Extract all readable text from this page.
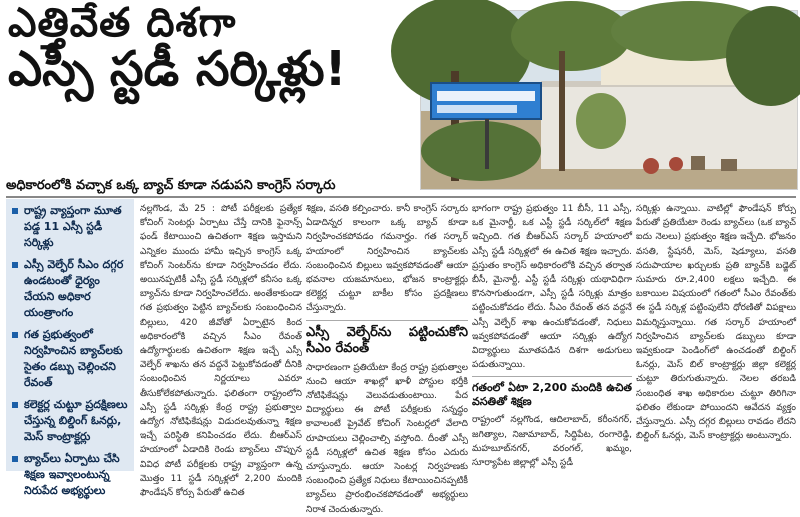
ఎత్తివేత దిశగా
ఎస్సీ స్టడీ సర్కిళ్లు!
అధికారంలోకి వచ్చాక ఒక్క బ్యాచ్ కూడా నడుపని కాంగ్రెస్ సర్కారు
రాష్ట్ర వ్యాప్తంగా మూత పడ్డ 11 ఎస్సీ స్టడీ సర్కిళ్లు
ఎస్సీ వెల్ఫేర్ సీఎం దగ్గర ఉండటంతో ధైర్యం చేయని అధికార యంత్రాంగం
గత ప్రభుత్వంలో నిర్వహించిన బ్యాచ్‌లకు సైతం డబ్బు చెల్లించని రేవంత్
కలెక్టర్ల చుట్టూ ప్రదక్షిణలు చేస్తున్న బిల్డింగ్ ఓనర్లు, మెస్ కాంట్రాక్టర్లు
బ్యాచ్‌లు ఏర్పాటు చేసి శిక్షణ ఇవ్వాలంటున్న నిరుపేద అభ్యర్థులు

నల్లగొండ, మే 25 : పోటీ పరీక్షలకు ప్రత్యేక కోచింగ్ సెంటర్లు ఏర్పాటు చేస్తే దానికి ఫైనాన్స్ ఫండ్ కేటాయించి ఉచితంగా శిక్షణ ఇస్తామని ఎన్నికల ముందు హామీ ఇచ్చిన కాంగ్రెస్ ఒక్క కోచింగ్ సెంటర్‌ను కూడా నిర్వహించడం లేదు. అయినప్పటికీ ఎస్సీ స్టడీ సర్కిళ్లలో కనీసం ఒక్క బ్యాచ్‌ను కూడా నిర్వహించలేదు. అంతేకాకుండా గత ప్రభుత్వం పెట్టిన బ్యాచ్‌లకు సంబంధించిన బిల్లులు, 420 జీవోతో ఏర్పాటైన కింద అధికారంలోకి వచ్చిన సీఎం రేవంత్ ఉద్యోగార్థులకు ఉచితంగా శిక్షణ ఇచ్చే ఎస్సీ వెల్ఫేర్ శాఖను తన వద్దనే పెట్టుకోవడంతో దీనికి సంబంధించిన నిర్ణయాలు ఎవరూ తీసుకోలేకపోతున్నారు. ఫలితంగా రాష్ట్రంలోని ఎస్సీ స్టడీ సర్కిళ్లు కేంద్ర రాష్ట్ర ప్రభుత్వాల ఉద్యోగ నోటిఫికేషన్లు విడుదలవుతున్నా శిక్షణ ఇచ్చే పరిస్థితి కనిపించడం లేదు. బీఆర్ఎస్ హయాంలో ఏడాదికి రెండు బ్యాచ్‌లు చొప్పున వివిధ పోటీ పరీక్షలకు రాష్ట్ర వ్యాప్తంగా ఉన్న మొత్తం 11 స్టడీ సర్కిళ్లలో 2,200 మందికి ఫౌండేషన్ కోర్సు పేరుతో ఉచిత

శిక్షణ, వసతి కల్పించారు. కానీ కాంగ్రెస్ సర్కారు ఏడాదిన్నర కాలంగా ఒక్క బ్యాచ్ కూడా నిర్వహించకపోవడం గమనార్హం. గత సర్కార్ హయాంలో నిర్వహించిన బ్యాచ్‌లకు సంబంధించిన బిల్లులు ఇవ్వకపోవడంతో ఆయా భవనాల యజమానులు, భోజన కాంట్రాక్టర్లు కలెక్టర్ల చుట్టూ బాకీల కోసం ప్రదక్షిణలు చేస్తున్నారు.

ఎస్సీ వెల్ఫేర్‌ను పట్టించుకోని సీఎం రేవంత్

సాధారణంగా ప్రతియేటా కేంద్ర రాష్ట్ర ప్రభుత్వాల నుంచి ఆయా శాఖల్లో ఖాళీ పోస్టుల భర్తీకి నోటిఫికేషన్లు వెలువడుతుంటాయి. పేద విద్యార్థులు ఈ పోటీ పరీక్షలకు సన్నద్ధం కావాలంటే ప్రైవేట్ కోచింగ్ సెంటర్లలో వేలాది రూపాయలు చెల్లించాల్సి వస్తోంది. దీంతో ఎస్సీ స్టడీ సర్కిళ్లలో ఉచిత శిక్షణ కోసం ఎదురు చూస్తున్నారు. ఆయా సెంటర్ల నిర్వహణకు సంబంధించి ప్రత్యేక నిధులు కేటాయించినప్పటికీ బ్యాచ్‌లు ప్రారంభించకపోవడంతో అభ్యర్థులు నిరాశ చెందుతున్నారు.

భాగంగా రాష్ట్ర ప్రభుత్వం 11 బీసీ, 11 ఎస్సీ, ఒక మైనార్టీ, ఒక ఎస్టీ స్టడీ సర్కిల్‌లో శిక్షణ ఇచ్చింది. గత బీఆర్ఎస్ సర్కార్ హయాంలో ఎస్సీ స్టడీ సర్కిళ్లలో ఈ ఉచిత శిక్షణ ఇచ్చారు. ప్రస్తుతం కాంగ్రెస్ అధికారంలోకి వచ్చిన తర్వాత బీసీ, మైనార్టీ, ఎస్టీ స్టడీ సర్కిళ్లు యథావిధిగా కొనసాగుతుండగా, ఎస్సీ స్టడీ సర్కిళ్లు మాత్రం పట్టించుకోవడం లేదు. సీఎం రేవంత్ తన వద్దనే ఎస్సీ వెల్ఫేర్ శాఖ ఉంచుకోవడంతో, నిధులు ఇవ్వకపోవడంతో ఆయా సర్కిళ్లు ఉద్యోగ విద్యార్థులు మూతపడిన దిశగా అడుగులు పడుతున్నాయి.

గతంలో ఏటా 2,200 మందికి ఉచిత వసతితో శిక్షణ

రాష్ట్రంలో నల్లగొండ, ఆదిలాబాద్, కరీంనగర్, జగిత్యాల, నిజామాబాద్, సిద్దిపేట, రంగారెడ్డి, మహబూబ్‌నగర్, వరంగల్, ఖమ్మం, సూర్యాపేట జిల్లాల్లో ఎస్సీ స్టడీ

సర్కిళ్లు ఉన్నాయి. వాటిల్లో ఫౌండేషన్ కోర్సు పేరుతో ప్రతియేటా రెండు బ్యాచ్‌లు (ఒక బ్యాచ్ ఐదు నెలలు) ప్రభుత్వం శిక్షణ ఇచ్చేది. భోజనం వసతి, స్టేషనరీ, మెస్, షెడ్యూలు, వసతి సదుపాయాల ఖర్చులకు ప్రతి బ్యాచ్‌కి బడ్జెట్ సుమారు రూ.2,400 లక్షలు ఇచ్చేది. ఈ బకాయిల విషయంలో గతంలో సీఎం రేవంత్‌కు ఈ స్టడీ సర్కిళ్ల పట్టింపులేని ధోరణితో విపక్షాలు విమర్శిస్తున్నాయి. గత సర్కార్ హయాంలో నిర్వహించిన బ్యాచ్‌లకు డబ్బులు కూడా ఇవ్వకుండా పెండింగ్‌లో ఉంచడంతో బిల్డింగ్ ఓనర్లు, మెస్ బిల్ కాంట్రాక్టర్లు జిల్లా కలెక్టర్ల చుట్టూ తిరుగుతున్నారు. నెలల తరబడి సంబంధిత శాఖ అధికారుల చుట్టూ తిరిగినా ఫలితం లేకుండా పోయిందని ఆవేదన వ్యక్తం చేస్తున్నారు. ఎస్సీ దగ్గర బిల్లులు రావడం లేదని బిల్డింగ్ ఓనర్లు, మెస్ కాంట్రాక్టర్లు అంటున్నారు.
